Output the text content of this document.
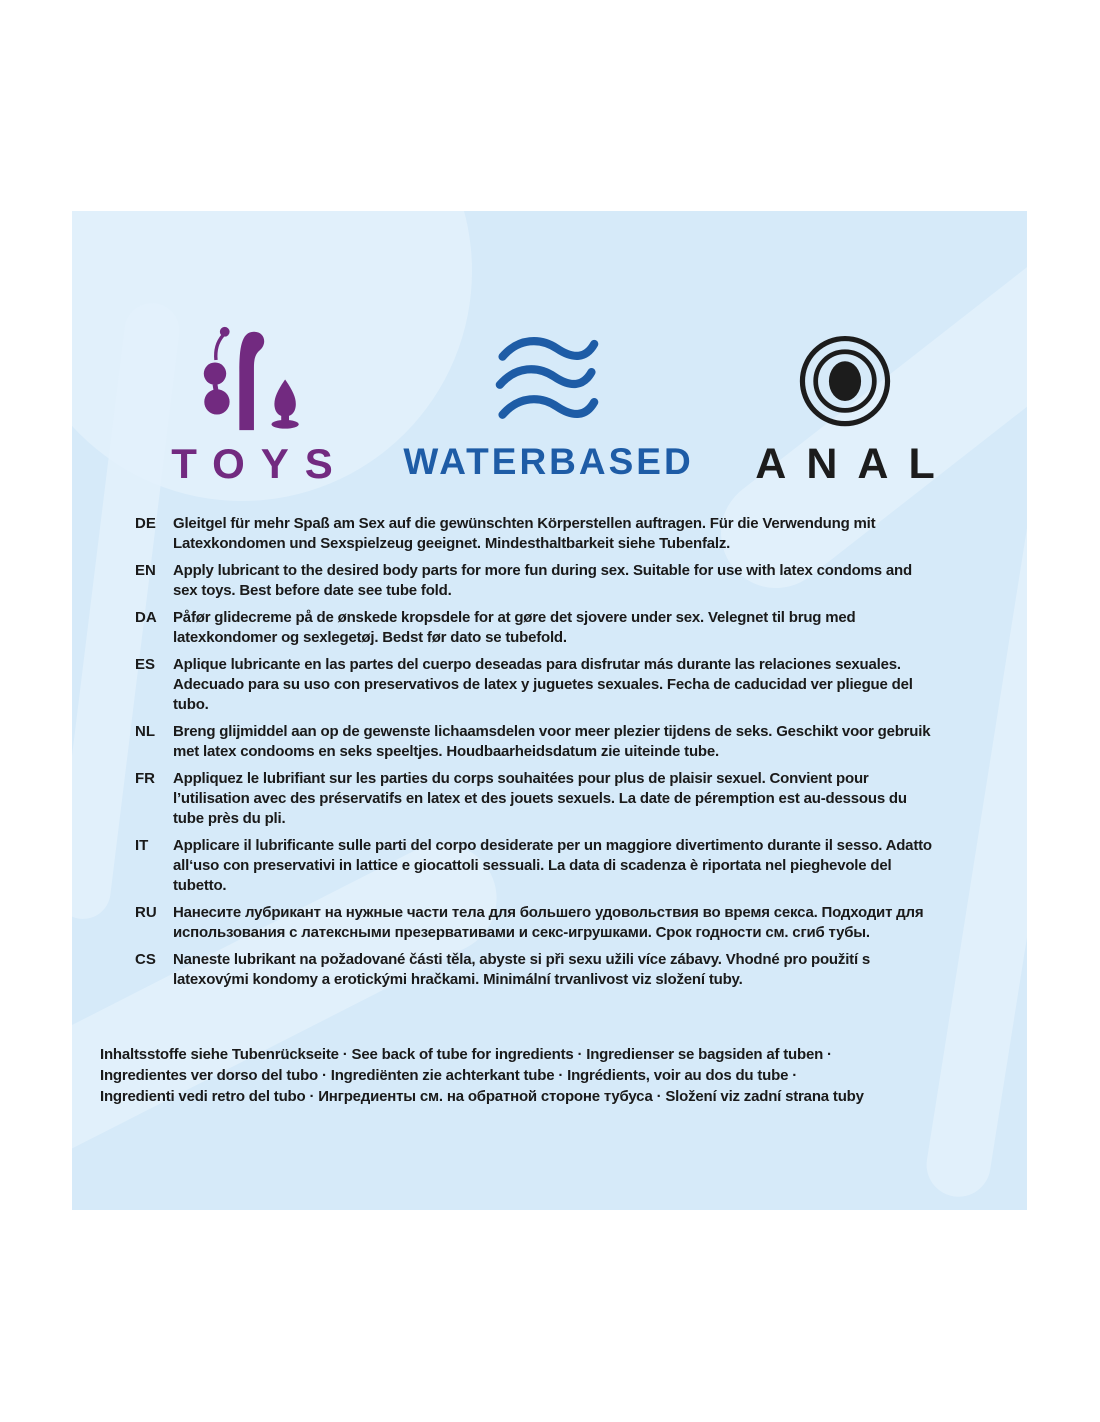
TOYS WATERBASED ANAL
DE	Gleitgel für mehr Spaß am Sex auf die gewünschten Körperstellen auftragen. Für die Verwendung mit Latexkondomen und Sexspielzeug geeignet. Mindesthaltbarkeit siehe Tubenfalz.
EN	Apply lubricant to the desired body parts for more fun during sex. Suitable for use with latex condoms and sex toys. Best before date see tube fold.
DA	Påfør glidecreme på de ønskede kropsdele for at gøre det sjovere under sex. Velegnet til brug med latexkondomer og sexlegetøj. Bedst før dato se tubefold.
ES	Aplique lubricante en las partes del cuerpo deseadas para disfrutar más durante las relaciones sexuales. Adecuado para su uso con preservativos de latex y juguetes sexuales. Fecha de caducidad ver pliegue del tubo.
NL	Breng glijmiddel aan op de gewenste lichaamsdelen voor meer plezier tijdens de seks. Geschikt voor gebruik met latex condooms en seks speeltjes. Houdbaarheidsdatum zie uiteinde tube.
FR	Appliquez le lubrifiant sur les parties du corps souhaitées pour plus de plaisir sexuel. Convient pour l’utilisation avec des préservatifs en latex et des jouets sexuels. La date de péremption est au-dessous du tube près du pli.
IT	Applicare il lubrificante sulle parti del corpo desiderate per un maggiore divertimento durante il sesso. Adatto all‘uso con preservativi in lattice e giocattoli sessuali. La data di scadenza è riportata nel pieghevole del tubetto.
RU	Нанесите лубрикант на нужные части тела для большего удовольствия во время секса. Подходит для использования с латексными презервативами и секс-игрушками. Срок годности см. сгиб тубы.
CS	Naneste lubrikant na požadované části těla, abyste si při sexu užili více zábavy. Vhodné pro použití s latexovými kondomy a erotickými hračkami. Minimální trvanlivost viz složení tuby.
Inhaltsstoffe siehe Tubenrückseite · See back of tube for ingredients · Ingredienser se bagsiden af tuben ·
Ingredientes ver dorso del tubo · Ingrediënten zie achterkant tube · Ingrédients, voir au dos du tube ·
Ingredienti vedi retro del tubo · Ингредиенты см. на обратной стороне тубуса · Složení viz zadní strana tuby
